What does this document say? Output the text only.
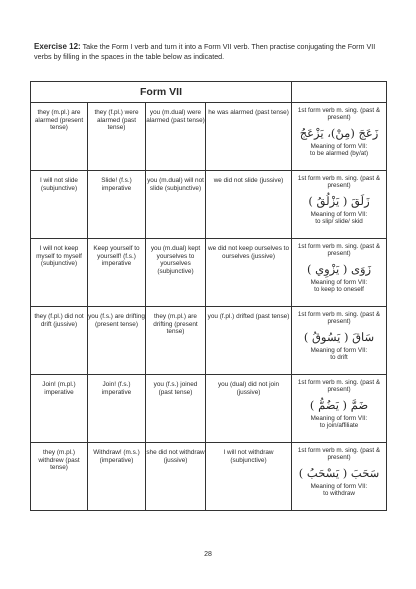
Exercise 12: Take the Form I verb and turn it into a Form VII verb. Then practise conjugating the Form VII verbs by filling in the spaces in the table below as indicated.
Form VII				
they (m.pl.) are alarmed (present tense)	they (f.pl.) were alarmed (past tense)	you (m.dual) were alarmed (past tense)	he was alarmed (past tense)	1st form verb m. sing. (past & present)
زَعَجَ (مِنْ)، يَزْعَجُ
Meaning of form VII:
to be alarmed (by/at)

I will not slide (subjunctive)	Slide! (f.s.) imperative	you (m.dual) will not slide (subjunctive)	we did not slide (jussive)	1st form verb m. sing. (past & present)
زَلَقَ ( يَزْلُقُ )
Meaning of form VII:
to slip/ slide/ skid

I will not keep myself to myself (subjunctive)	Keep yourself to yourself! (f.s.) imperative	you (m.dual) kept yourselves to yourselves (subjunctive)	we did not keep ourselves to ourselves (jussive)	1st form verb m. sing. (past & present)
زَوَى ( يَزْوِي )
Meaning of form VII:
to keep to oneself

they (f.pl.) did not drift (jussive)	you (f.s.) are drifting (present tense)	they (m.pl.) are drifting (present tense)	you (f.pl.) drifted (past tense)	1st form verb m. sing. (past & present)
سَاقَ ( يَسُوقُ )
Meaning of form VII:
to drift

Join! (m.pl.) imperative	Join! (f.s.) imperative	you (f.s.) joined (past tense)	you (dual) did not join (jussive)	1st form verb m. sing. (past & present)
ضَمَّ ( يَضُمُّ )
Meaning of form VII:
to join/affiliate

they (m.pl.) withdrew (past tense)	Withdraw! (m.s.) (imperative)	she did not withdraw (jussive)	I will not withdraw (subjunctive)	1st form verb m. sing. (past & present)
سَحَبَ ( يَسْحَبُ )
Meaning of form VII:
to withdraw
28
